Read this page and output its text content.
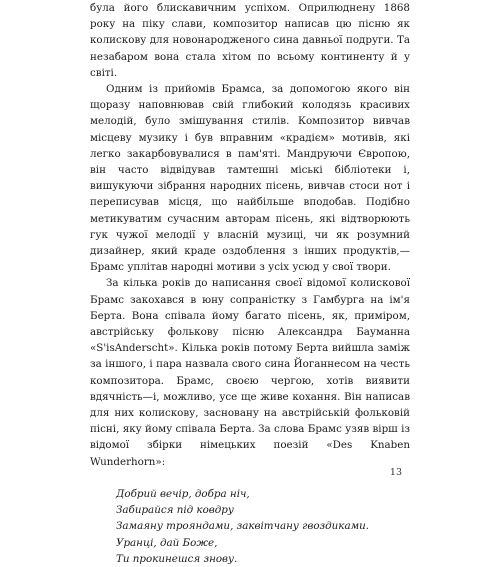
була його блискавичним успіхом. Оприлюднену 1868 року на піку слави, композитор написав цю пісню як колискову для новонародженого сина давньої подруги. Та незабаром вона стала хітом по всьому континенту й у світі.

Одним із прийомів Брамса, за допомогою якого він щоразу наповнював свій глибокий колодязь красивих мелодій, було змішування стилів. Композитор вивчав місцеву музику і був вправним «крадієм» мотивів, які легко закарбовувалися в пам'яті. Мандруючи Європою, він часто відвідував тамтешні міські бібліотеки і, вишукуючи зібрання народних пісень, вивчав стоси нот і переписував місця, що найбільше вподобав. Подібно метикуватим сучасним авторам пісень, які відтворюють гук чужої мелодії у власній музиці, чи як розумний дизайнер, який краде оздоблення з інших продуктів,—Брамс уплітав народні мотиви з усіх усюд у свої твори.

За кілька років до написання своєї відомої колискової Брамс закохався в юну сопраністку з Гамбурга на ім'я Берта. Вона співала йому багато пісень, як, приміром, австрійську фолькову пісню Александра Бауманна «S'isAnderscht». Кілька років потому Берта вийшла заміж за іншого, і пара назвала свого сина Йоганнесом на честь композитора. Брамс, своєю чергою, хотів виявити вдячність—і, можливо, усе ще живе кохання. Він написав для них колискову, засновану на австрійській фольковій пісні, яку йому співала Берта. За слова Брамс узяв вірш із відомої збірки німецьких поезій «Des Knaben Wunderhorn»:

Добрий вечір, добра ніч,
Забирайся під ковдру
Замаяну трояндами, заквітчану гвоздиками.
Уранці, дай Боже,
Ти прокинешся знову.
13
